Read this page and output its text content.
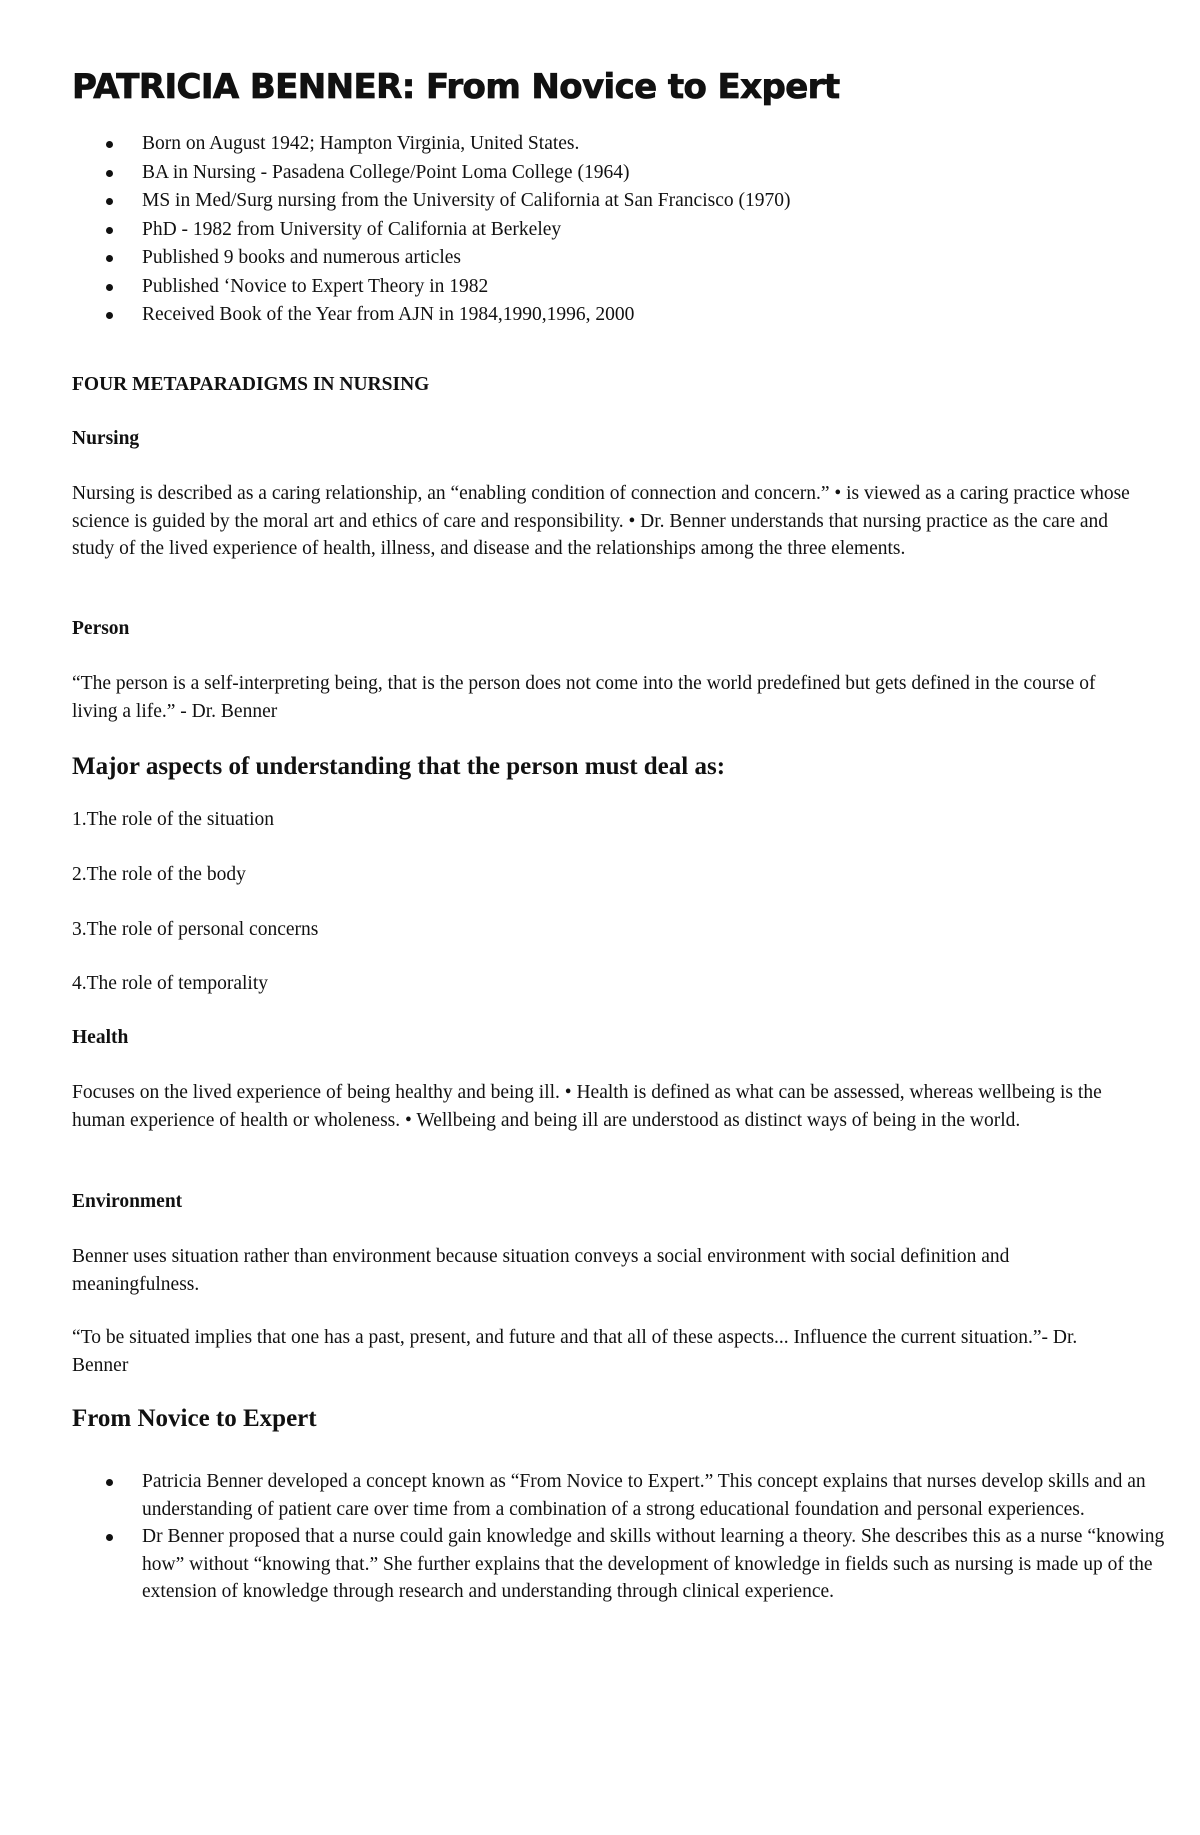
PATRICIA BENNER: From Novice to Expert
Born on August 1942; Hampton Virginia, United States.
BA in Nursing - Pasadena College/Point Loma College (1964)
MS in Med/Surg nursing from the University of California at San Francisco (1970)
PhD - 1982 from University of California at Berkeley
Published 9 books and numerous articles
Published ‘Novice to Expert Theory in 1982
Received Book of the Year from AJN in 1984,1990,1996, 2000
FOUR METAPARADIGMS IN NURSING
Nursing

Nursing is described as a caring relationship, an “enabling condition of connection and concern.” • is viewed as a caring practice whose science is guided by the moral art and ethics of care and responsibility. • Dr. Benner understands that nursing practice as the care and study of the lived experience of health, illness, and disease and the relationships among the three elements.

Person

“The person is a self-interpreting being, that is the person does not come into the world predefined but gets defined in the course of living a life.” - Dr. Benner

Major aspects of understanding that the person must deal as:

1.The role of the situation

2.The role of the body

3.The role of personal concerns

4.The role of temporality

Health

Focuses on the lived experience of being healthy and being ill. • Health is defined as what can be assessed, whereas wellbeing is the human experience of health or wholeness. • Wellbeing and being ill are understood as distinct ways of being in the world.

Environment

Benner uses situation rather than environment because situation conveys a social environment with social definition and meaningfulness.

“To be situated implies that one has a past, present, and future and that all of these aspects... Influence the current situation.”- Dr. Benner

From Novice to Expert
Patricia Benner developed a concept known as “From Novice to Expert.” This concept explains that nurses develop skills and an understanding of patient care over time from a combination of a strong educational foundation and personal experiences.
Dr Benner proposed that a nurse could gain knowledge and skills without learning a theory. She describes this as a nurse “knowing how” without “knowing that.” She further explains that the development of knowledge in fields such as nursing is made up of the extension of knowledge through research and understanding through clinical experience.
